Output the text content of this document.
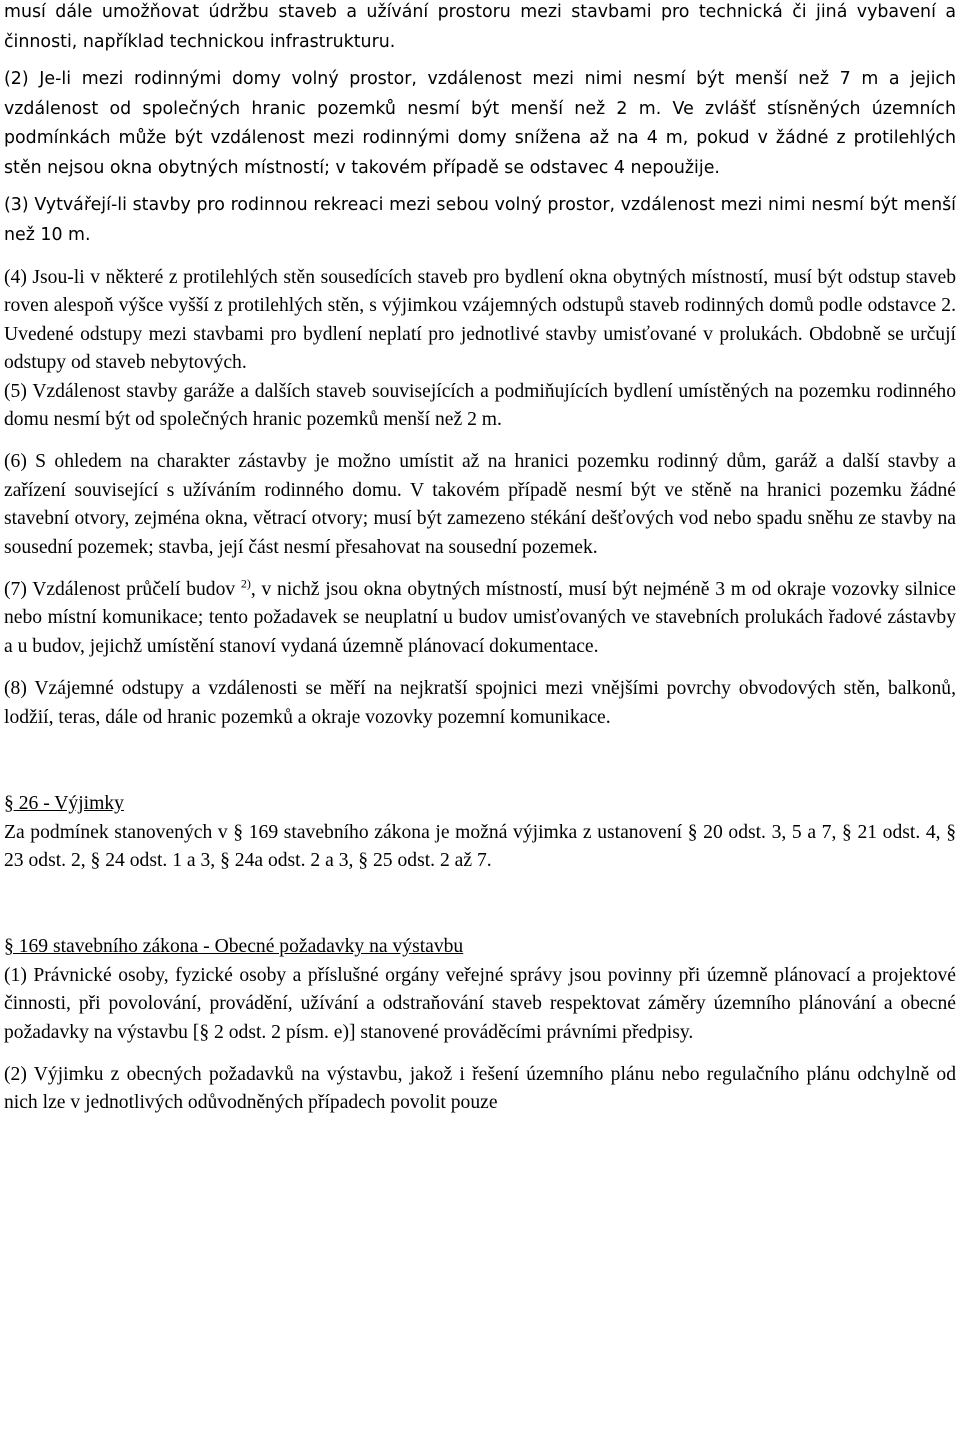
musí dále umožňovat údržbu staveb a užívání prostoru mezi stavbami pro technická či jiná vybavení a činnosti, například technickou infrastrukturu.

(2) Je-li mezi rodinnými domy volný prostor, vzdálenost mezi nimi nesmí být menší než 7 m a jejich vzdálenost od společných hranic pozemků nesmí být menší než 2 m. Ve zvlášť stísněných územních podmínkách může být vzdálenost mezi rodinnými domy snížena až na 4 m, pokud v žádné z protilehlých stěn nejsou okna obytných místností; v takovém případě se odstavec 4 nepoužije.

(3) Vytvářejí-li stavby pro rodinnou rekreaci mezi sebou volný prostor, vzdálenost mezi nimi nesmí být menší než 10 m.

(4) Jsou-li v některé z protilehlých stěn sousedících staveb pro bydlení okna obytných místností, musí být odstup staveb roven alespoň výšce vyšší z protilehlých stěn, s výjimkou vzájemných odstupů staveb rodinných domů podle odstavce 2. Uvedené odstupy mezi stavbami pro bydlení neplatí pro jednotlivé stavby umisťované v prolukách. Obdobně se určují odstupy od staveb nebytových.

(5) Vzdálenost stavby garáže a dalších staveb souvisejících a podmiňujících bydlení umístěných na pozemku rodinného domu nesmí být od společných hranic pozemků menší než 2 m.

(6) S ohledem na charakter zástavby je možno umístit až na hranici pozemku rodinný dům, garáž a další stavby a zařízení související s užíváním rodinného domu. V takovém případě nesmí být ve stěně na hranici pozemku žádné stavební otvory, zejména okna, větrací otvory; musí být zamezeno stékání dešťových vod nebo spadu sněhu ze stavby na sousední pozemek; stavba, její část nesmí přesahovat na sousední pozemek.

(7) Vzdálenost průčelí budov $^{2)}$, v nichž jsou okna obytných místností, musí být nejméně 3 m od okraje vozovky silnice nebo místní komunikace; tento požadavek se neuplatní u budov umisťovaných ve stavebních prolukách řadové zástavby a u budov, jejichž umístění stanoví vydaná územně plánovací dokumentace.

(8) Vzájemné odstupy a vzdálenosti se měří na nejkratší spojnici mezi vnějšími povrchy obvodových stěn, balkonů, lodžií, teras, dále od hranic pozemků a okraje vozovky pozemní komunikace.

§ 26 - Výjimky

Za podmínek stanovených v § 169 stavebního zákona je možná výjimka z ustanovení § 20 odst. 3, 5 a 7, § 21 odst. 4, § 23 odst. 2, § 24 odst. 1 a 3, § 24a odst. 2 a 3, § 25 odst. 2 až 7.

§ 169 stavebního zákona - Obecné požadavky na výstavbu

(1) Právnické osoby, fyzické osoby a příslušné orgány veřejné správy jsou povinny při územně plánovací a projektové činnosti, při povolování, provádění, užívání a odstraňování staveb respektovat záměry územního plánování a obecné požadavky na výstavbu [§ 2 odst. 2 písm. e)] stanovené prováděcími právními předpisy.

(2) Výjimku z obecných požadavků na výstavbu, jakož i řešení územního plánu nebo regulačního plánu odchylně od nich lze v jednotlivých odůvodněných případech povolit pouze
